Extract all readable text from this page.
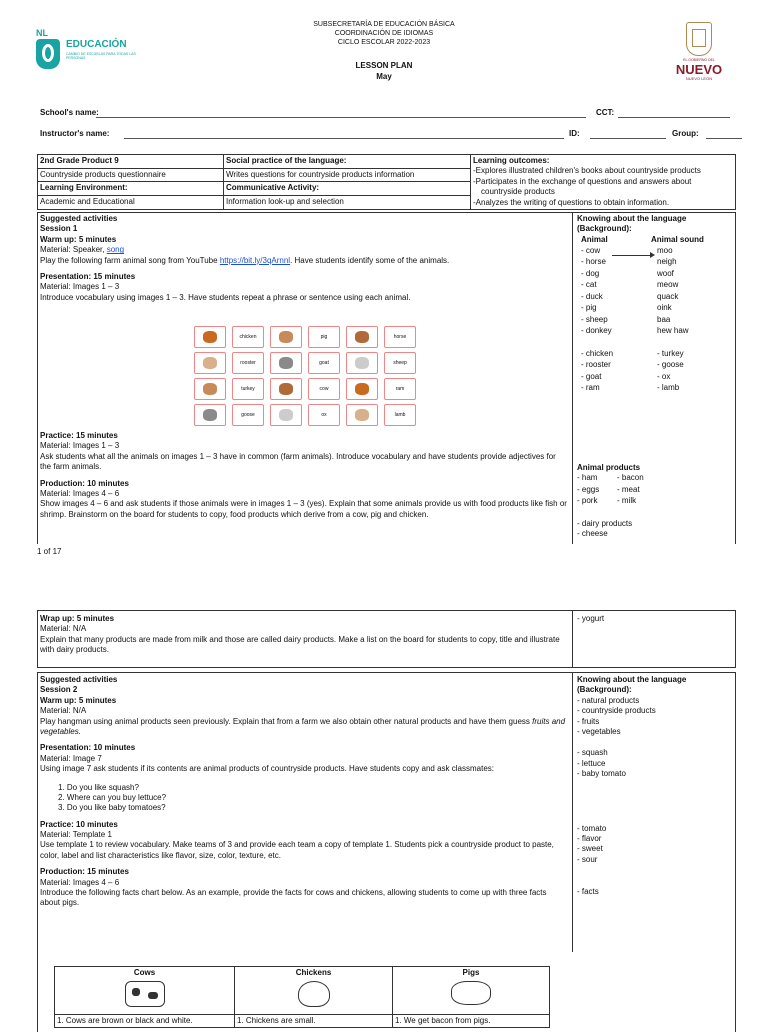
NL
EDUCACIÓN
CAMBIO DE ESCUELAS PARA TODAS LAS PERSONAS
SUBSECRETARÍA DE EDUCACIÓN BÁSICA
COORDINACIÓN DE IDIOMAS
CICLO ESCOLAR 2022-2023
LESSON PLAN
May
EL GOBIERNO DEL
NUEVO
NUEVO LEÓN
School's name:	CCT:
Instructor's name:	ID:	Group:
2nd Grade Product 9	Social practice of the language:	Learning outcomes:
-Explores illustrated children's books about countryside products
-Participates in the exchange of questions and answers about
countryside products
-Analyzes the writing of questions to obtain information.

Countryside products questionnaire	Writes questions for countryside products information	

Learning Environment:	Communicative Activity:	

Academic and Educational	Information look-up and selection	
Suggested activities
Session 1
Warm up: 5 minutes
Material: Speaker, song
Play the following farm animal song from YouTube https://bit.ly/3qArnnl. Have students identify some of the animals.
Presentation: 15 minutes
Material: Images 1 – 3
Introduce vocabulary using images 1 – 3. Have students repeat a phrase or sentence using each animal.
chicken	pig	horse
rooster	goat	sheep
turkey	cow	ram
goose	ox	lamb
Practice: 15 minutes
Material: Images 1 – 3
Ask students what all the animals on images 1 – 3 have in common (farm animals). Introduce vocabulary and have students provide adjectives for the farm animals.
Production: 10 minutes
Material: Images 4 – 6
Show images 4 – 6 and ask students if those animals were in images 1 – 3 (yes). Explain that some animals provide us with food products like fish or shrimp. Brainstorm on the board for students to copy, food products which derive from a cow, pig and chicken.
Knowing about the language
(Background):
Animal	Animal sound
- cow	moo
- horse	neigh
- dog	woof
- cat	meow
- duck	quack
- pig	oink
- sheep	baa
- donkey	hew haw
- chicken	- turkey
- rooster	- goose
- goat	- ox
- ram	- lamb
Animal products
- ham - bacon
- eggs - meat
- pork - milk
- dairy products
- cheese
1 of 17
Wrap up: 5 minutes
Material: N/A
Explain that many products are made from milk and those are called dairy products. Make a list on the board for students to copy, title and illustrate with dairy products.
- yogurt
Suggested activities
Session 2
Warm up: 5 minutes
Material: N/A
Play hangman using animal products seen previously. Explain that from a farm we also obtain other natural products and have them guess fruits and vegetables.
Presentation: 10 minutes
Material: Image 7
Using image 7 ask students if its contents are animal products of countryside products. Have students copy and ask classmates:
1. Do you like squash?
2. Where can you buy lettuce?
3. Do you like baby tomatoes?
Practice: 10 minutes
Material: Template 1
Use template 1 to review vocabulary. Make teams of 3 and provide each team a copy of template 1. Students pick a countryside product to paste, color, label and list characteristics like flavor, size, color, texture, etc.
Production: 15 minutes
Material: Images 4 – 6
Introduce the following facts chart below. As an example, provide the facts for cows and chickens, allowing students to come up with three facts about pigs.
Knowing about the language
(Background):
- natural products
- countryside products
- fruits
- vegetables
- squash
- lettuce
- baby tomato
- tomato
- flavor
- sweet
- sour
- facts
Cows	Chickens	Pigs

1. Cows are brown or black and white.	1. Chickens are small.	1. We get bacon from pigs.
